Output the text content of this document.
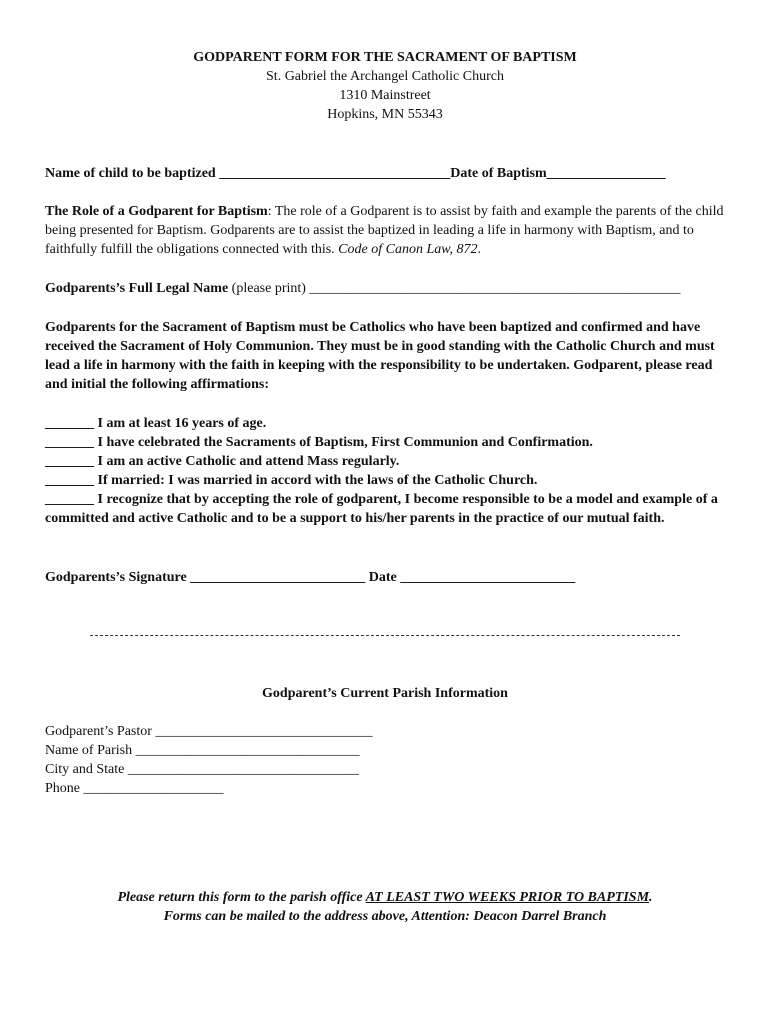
GODPARENT FORM FOR THE SACRAMENT OF BAPTISM
St. Gabriel the Archangel Catholic Church
1310 Mainstreet
Hopkins, MN 55343
Name of child to be baptized _________________________________Date of Baptism_________________
The Role of a Godparent for Baptism: The role of a Godparent is to assist by faith and example the parents of the child being presented for Baptism. Godparents are to assist the baptized in leading a life in harmony with Baptism, and to faithfully fulfill the obligations connected with this. Code of Canon Law, 872.
Godparents’s Full Legal Name (please print) _____________________________________________________
Godparents for the Sacrament of Baptism must be Catholics who have been baptized and confirmed and have received the Sacrament of Holy Communion. They must be in good standing with the Catholic Church and must lead a life in harmony with the faith in keeping with the responsibility to be undertaken. Godparent, please read and initial the following affirmations:
_______ I am at least 16 years of age.
_______ I have celebrated the Sacraments of Baptism, First Communion and Confirmation.
_______ I am an active Catholic and attend Mass regularly.
_______ If married: I was married in accord with the laws of the Catholic Church.
_______ I recognize that by accepting the role of godparent, I become responsible to be a model and example of a committed and active Catholic and to be a support to his/her parents in the practice of our mutual faith.
Godparents’s Signature _________________________ Date _________________________
Godparent’s Current Parish Information
Godparent’s Pastor _______________________________
Name of Parish ________________________________
City and State _________________________________
Phone ____________________
Please return this form to the parish office AT LEAST TWO WEEKS PRIOR TO BAPTISM.
Forms can be mailed to the address above, Attention: Deacon Darrel Branch
